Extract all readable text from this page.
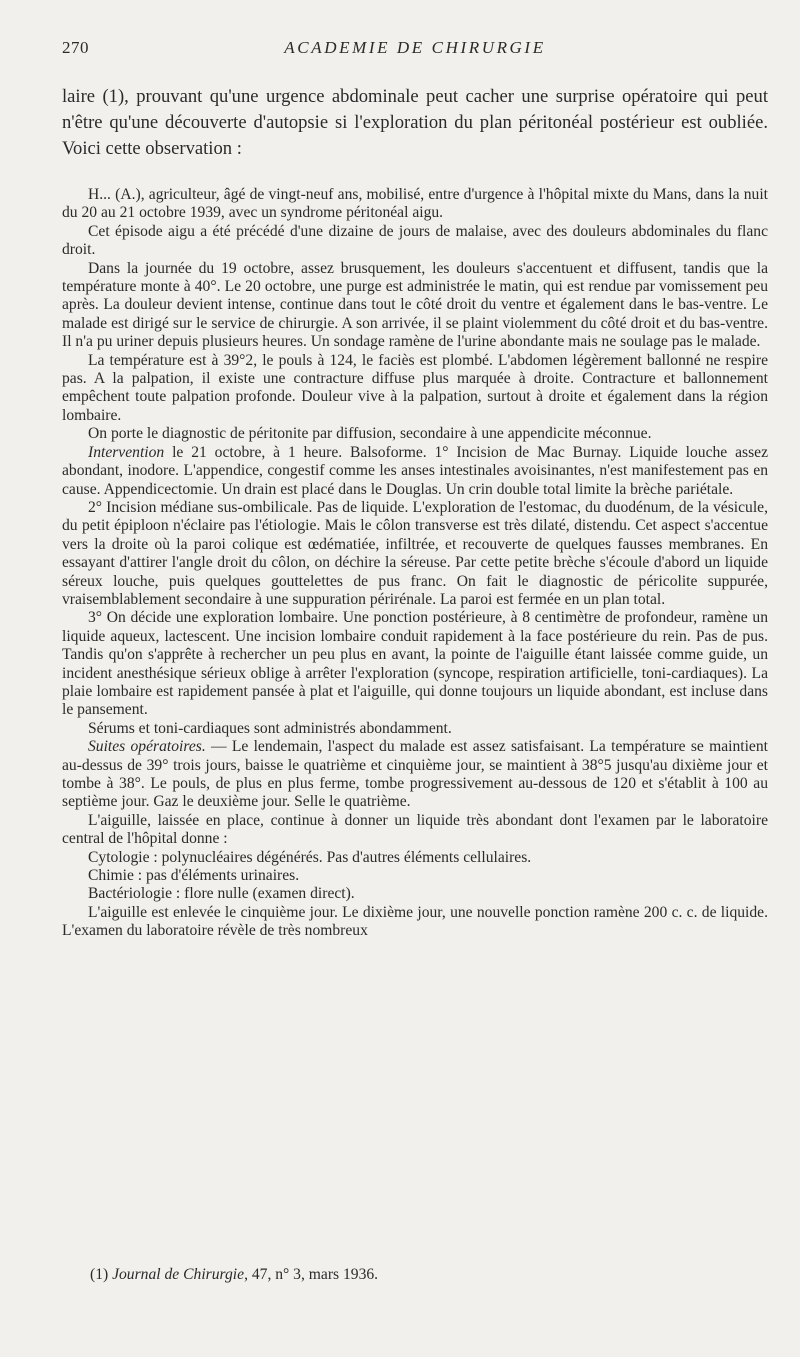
270	ACADEMIE DE CHIRURGIE

laire (1), prouvant qu'une urgence abdominale peut cacher une surprise opératoire qui peut n'être qu'une découverte d'autopsie si l'exploration du plan péritonéal postérieur est oubliée. Voici cette observation :

H... (A.), agriculteur, âgé de vingt-neuf ans, mobilisé, entre d'urgence à l'hôpital mixte du Mans, dans la nuit du 20 au 21 octobre 1939, avec un syndrome péritonéal aigu.

Cet épisode aigu a été précédé d'une dizaine de jours de malaise, avec des douleurs abdominales du flanc droit.

Dans la journée du 19 octobre, assez brusquement, les douleurs s'accentuent et diffusent, tandis que la température monte à 40°. Le 20 octobre, une purge est administrée le matin, qui est rendue par vomissement peu après. La douleur devient intense, continue dans tout le côté droit du ventre et également dans le bas-ventre. Le malade est dirigé sur le service de chirurgie. A son arrivée, il se plaint violemment du côté droit et du bas-ventre. Il n'a pu uriner depuis plusieurs heures. Un sondage ramène de l'urine abondante mais ne soulage pas le malade.

La température est à 39°2, le pouls à 124, le faciès est plombé. L'abdomen légèrement ballonné ne respire pas. A la palpation, il existe une contracture diffuse plus marquée à droite. Contracture et ballonnement empêchent toute palpation profonde. Douleur vive à la palpation, surtout à droite et également dans la région lombaire.

On porte le diagnostic de péritonite par diffusion, secondaire à une appendicite méconnue.

Intervention le 21 octobre, à 1 heure. Balsoforme. 1° Incision de Mac Burnay. Liquide louche assez abondant, inodore. L'appendice, congestif comme les anses intestinales avoisinantes, n'est manifestement pas en cause. Appendicectomie. Un drain est placé dans le Douglas. Un crin double total limite la brèche pariétale.

2° Incision médiane sus-ombilicale. Pas de liquide. L'exploration de l'estomac, du duodénum, de la vésicule, du petit épiploon n'éclaire pas l'étiologie. Mais le côlon transverse est très dilaté, distendu. Cet aspect s'accentue vers la droite où la paroi colique est œdématiée, infiltrée, et recouverte de quelques fausses membranes. En essayant d'attirer l'angle droit du côlon, on déchire la séreuse. Par cette petite brèche s'écoule d'abord un liquide séreux louche, puis quelques gouttelettes de pus franc. On fait le diagnostic de péricolite suppurée, vraisemblablement secondaire à une suppuration périrénale. La paroi est fermée en un plan total.

3° On décide une exploration lombaire. Une ponction postérieure, à 8 centimètre de profondeur, ramène un liquide aqueux, lactescent. Une incision lombaire conduit rapidement à la face postérieure du rein. Pas de pus. Tandis qu'on s'apprête à rechercher un peu plus en avant, la pointe de l'aiguille étant laissée comme guide, un incident anesthésique sérieux oblige à arrêter l'exploration (syncope, respiration artificielle, toni-cardiaques). La plaie lombaire est rapidement pansée à plat et l'aiguille, qui donne toujours un liquide abondant, est incluse dans le pansement.

Sérums et toni-cardiaques sont administrés abondamment.

Suites opératoires. — Le lendemain, l'aspect du malade est assez satisfaisant. La température se maintient au-dessus de 39° trois jours, baisse le quatrième et cinquième jour, se maintient à 38°5 jusqu'au dixième jour et tombe à 38°. Le pouls, de plus en plus ferme, tombe progressivement au-dessous de 120 et s'établit à 100 au septième jour. Gaz le deuxième jour. Selle le quatrième.

L'aiguille, laissée en place, continue à donner un liquide très abondant dont l'examen par le laboratoire central de l'hôpital donne :

Cytologie : polynucléaires dégénérés. Pas d'autres éléments cellulaires.

Chimie : pas d'éléments urinaires.

Bactériologie : flore nulle (examen direct).

L'aiguille est enlevée le cinquième jour. Le dixième jour, une nouvelle ponction ramène 200 c. c. de liquide. L'examen du laboratoire révèle de très nombreux

(1) Journal de Chirurgie, 47, n° 3, mars 1936.
